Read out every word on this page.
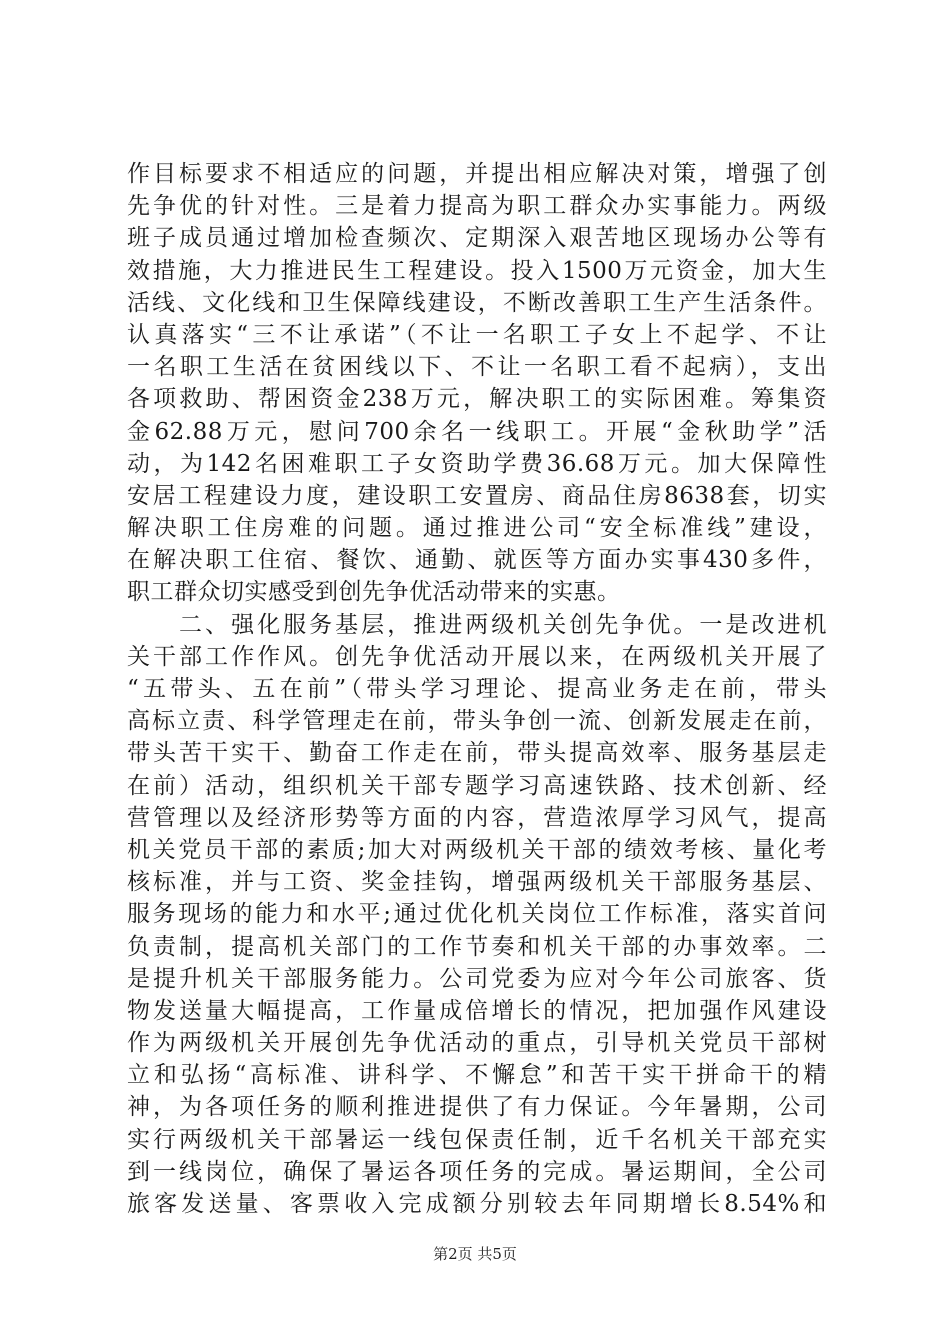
作目标要求不相适应的问题，并提出相应解决对策，增强了创
先争优的针对性。三是着力提高为职工群众办实事能力。两级
班子成员通过增加检查频次、定期深入艰苦地区现场办公等有
效措施，大力推进民生工程建设。投入1500万元资金，加大生
活线、文化线和卫生保障线建设，不断改善职工生产生活条件。
认真落实“三不让承诺”（不让一名职工子女上不起学、不让
一名职工生活在贫困线以下、不让一名职工看不起病），支出
各项救助、帮困资金238万元，解决职工的实际困难。筹集资
金62.88万元，慰问700余名一线职工。开展“金秋助学”活
动，为142名困难职工子女资助学费36.68万元。加大保障性
安居工程建设力度，建设职工安置房、商品住房8638套，切实
解决职工住房难的问题。通过推进公司“安全标准线”建设，
在解决职工住宿、餐饮、通勤、就医等方面办实事430多件，
职工群众切实感受到创先争优活动带来的实惠。
　　二、强化服务基层，推进两级机关创先争优。一是改进机
关干部工作作风。创先争优活动开展以来，在两级机关开展了
“五带头、五在前”（带头学习理论、提高业务走在前，带头
高标立责、科学管理走在前，带头争创一流、创新发展走在前，
带头苦干实干、勤奋工作走在前，带头提高效率、服务基层走
在前）活动，组织机关干部专题学习高速铁路、技术创新、经
营管理以及经济形势等方面的内容，营造浓厚学习风气，提高
机关党员干部的素质;加大对两级机关干部的绩效考核、量化考
核标准，并与工资、奖金挂钩，增强两级机关干部服务基层、
服务现场的能力和水平;通过优化机关岗位工作标准，落实首问
负责制，提高机关部门的工作节奏和机关干部的办事效率。二
是提升机关干部服务能力。公司党委为应对今年公司旅客、货
物发送量大幅提高，工作量成倍增长的情况，把加强作风建设
作为两级机关开展创先争优活动的重点，引导机关党员干部树
立和弘扬“高标准、讲科学、不懈怠”和苦干实干拼命干的精
神，为各项任务的顺利推进提供了有力保证。今年暑期，公司
实行两级机关干部暑运一线包保责任制，近千名机关干部充实
到一线岗位，确保了暑运各项任务的完成。暑运期间，全公司
旅客发送量、客票收入完成额分别较去年同期增长8.54%和
第2页 共5页
